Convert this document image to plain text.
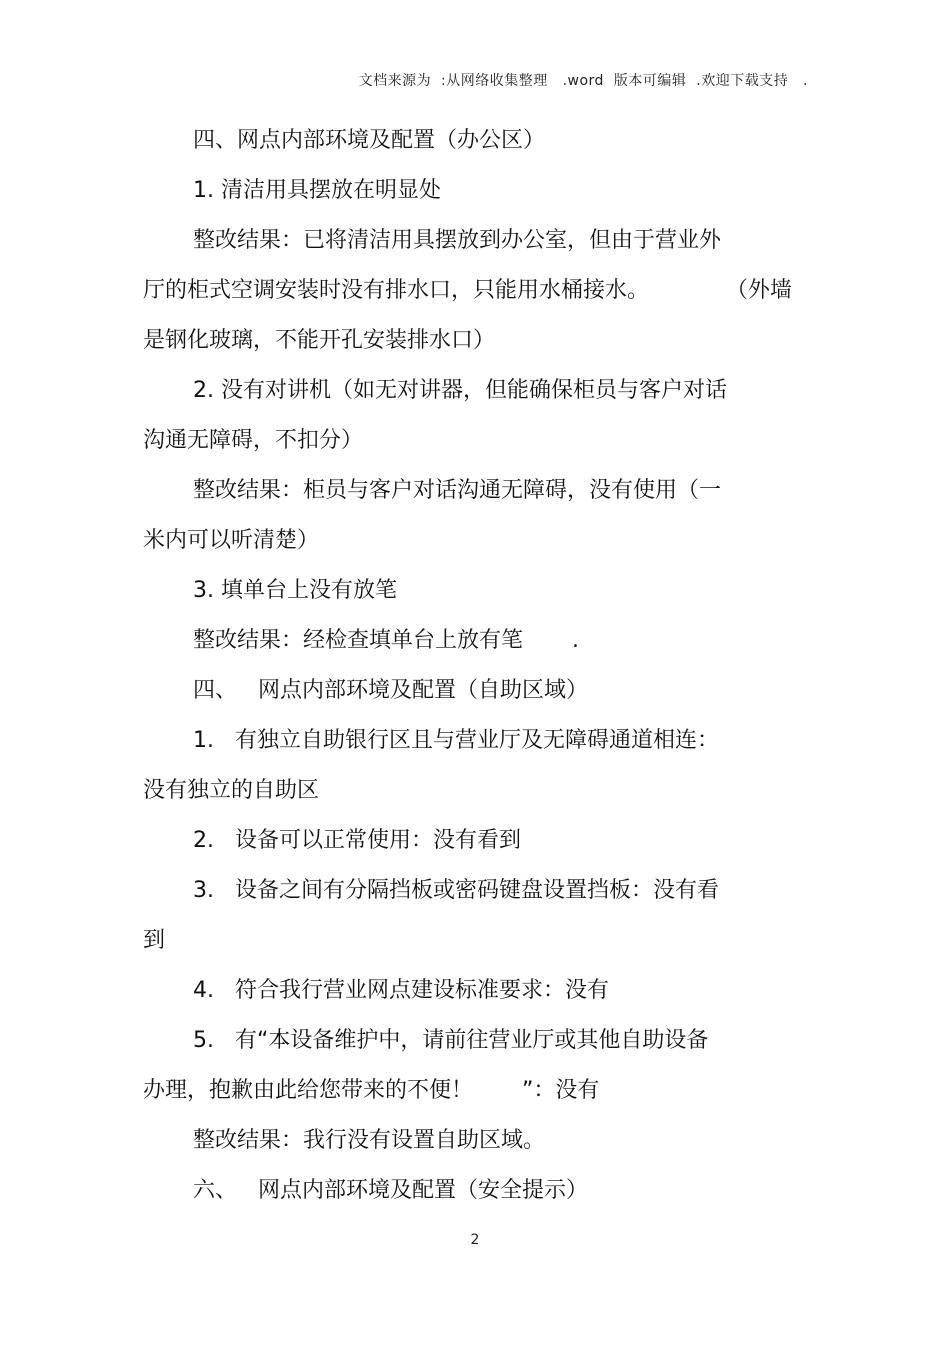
文档来源为  :从网络收集整理   .word  版本可编辑  .欢迎下载支持   .
四、网点内部环境及配置（办公区）
1. 清洁用具摆放在明显处
整改结果：已将清洁用具摆放到办公室，但由于营业外
厅的柜式空调安装时没有排水口，只能用水桶接水。           （外墙
是钢化玻璃，不能开孔安装排水口）
2. 没有对讲机（如无对讲器，但能确保柜员与客户对话
沟通无障碍，不扣分）
整改结果：柜员与客户对话沟通无障碍，没有使用（一
米内可以听清楚）
3. 填单台上没有放笔
整改结果：经检查填单台上放有笔       .
四、   网点内部环境及配置（自助区域）
1.   有独立自助银行区且与营业厅及无障碍通道相连：
没有独立的自助区
2.   设备可以正常使用：没有看到
3.   设备之间有分隔挡板或密码键盘设置挡板：没有看
到
4.   符合我行营业网点建设标准要求：没有
5.   有“本设备维护中，请前往营业厅或其他自助设备
办理，抱歉由此给您带来的不便！       ”：没有
整改结果：我行没有设置自助区域。
六、   网点内部环境及配置（安全提示）
2
